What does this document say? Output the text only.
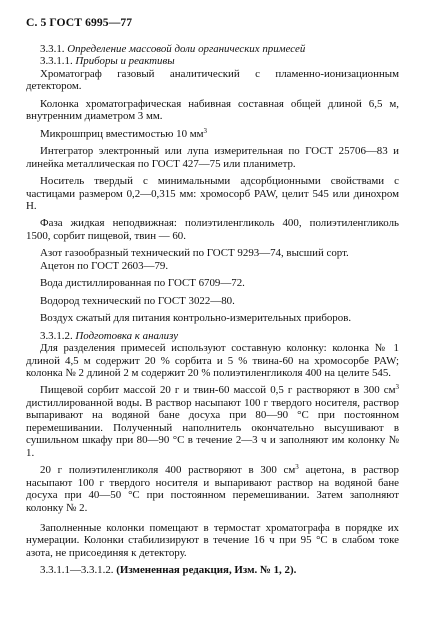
С. 5 ГОСТ 6995—77

3.3.1. Определение массовой доли органических примесей

3.3.1.1. Приборы и реактивы

Хроматограф газовый аналитический с пламенно-ионизационным детектором.

Колонка хроматографическая набивная составная общей длиной 6,5 м, внутренним диаметром 3 мм.

Микрошприц вместимостью 10 $мм^3$

Интегратор электронный или лупа измерительная по ГОСТ 25706—83 и линейка металлическая по ГОСТ 427—75 или планиметр.

Носитель твердый с минимальными адсорбционными свойствами с частицами размером 0,2—0,315 мм: хромосорб PAW, целит 545 или динохром Н.

Фаза жидкая неподвижная: полиэтиленгликоль 400, полиэтиленгликоль 1500, сорбит пищевой, твин — 60.

Азот газообразный технический по ГОСТ 9293—74, высший сорт.

Ацетон по ГОСТ 2603—79.

Вода дистиллированная по ГОСТ 6709—72.

Водород технический по ГОСТ 3022—80.

Воздух сжатый для питания контрольно-измерительных приборов.

3.3.1.2. Подготовка к анализу

Для разделения примесей используют составную колонку: колонка № 1 длиной 4,5 м содержит 20 % сорбита и 5 % твина-60 на хромосорбе PAW; колонка № 2 длиной 2 м содержит 20 % полиэтиленгликоля 400 на целите 545.

Пищевой сорбит массой 20 г и твин-60 массой 0,5 г растворяют в 300 $см^3$ дистиллированной воды. В раствор насыпают 100 г твердого носителя, раствор выпаривают на водяной бане досуха при 80—90 °С при постоянном перемешивании. Полученный наполнитель окончательно высушивают в сушильном шкафу при 80—90 °С в течение 2—3 ч и заполняют им колонку № 1.

20 г полиэтиленгликоля 400 растворяют в 300 $см^3$ ацетона, в раствор насыпают 100 г твердого носителя и выпаривают раствор на водяной бане досуха при 40—50 °С при постоянном перемешивании. Затем заполняют колонку № 2.

Заполненные колонки помещают в термостат хроматографа в порядке их нумерации. Колонки стабилизируют в течение 16 ч при 95 °С в слабом токе азота, не присоединяя к детектору.

3.3.1.1—3.3.1.2. (Измененная редакция, Изм. № 1, 2).
